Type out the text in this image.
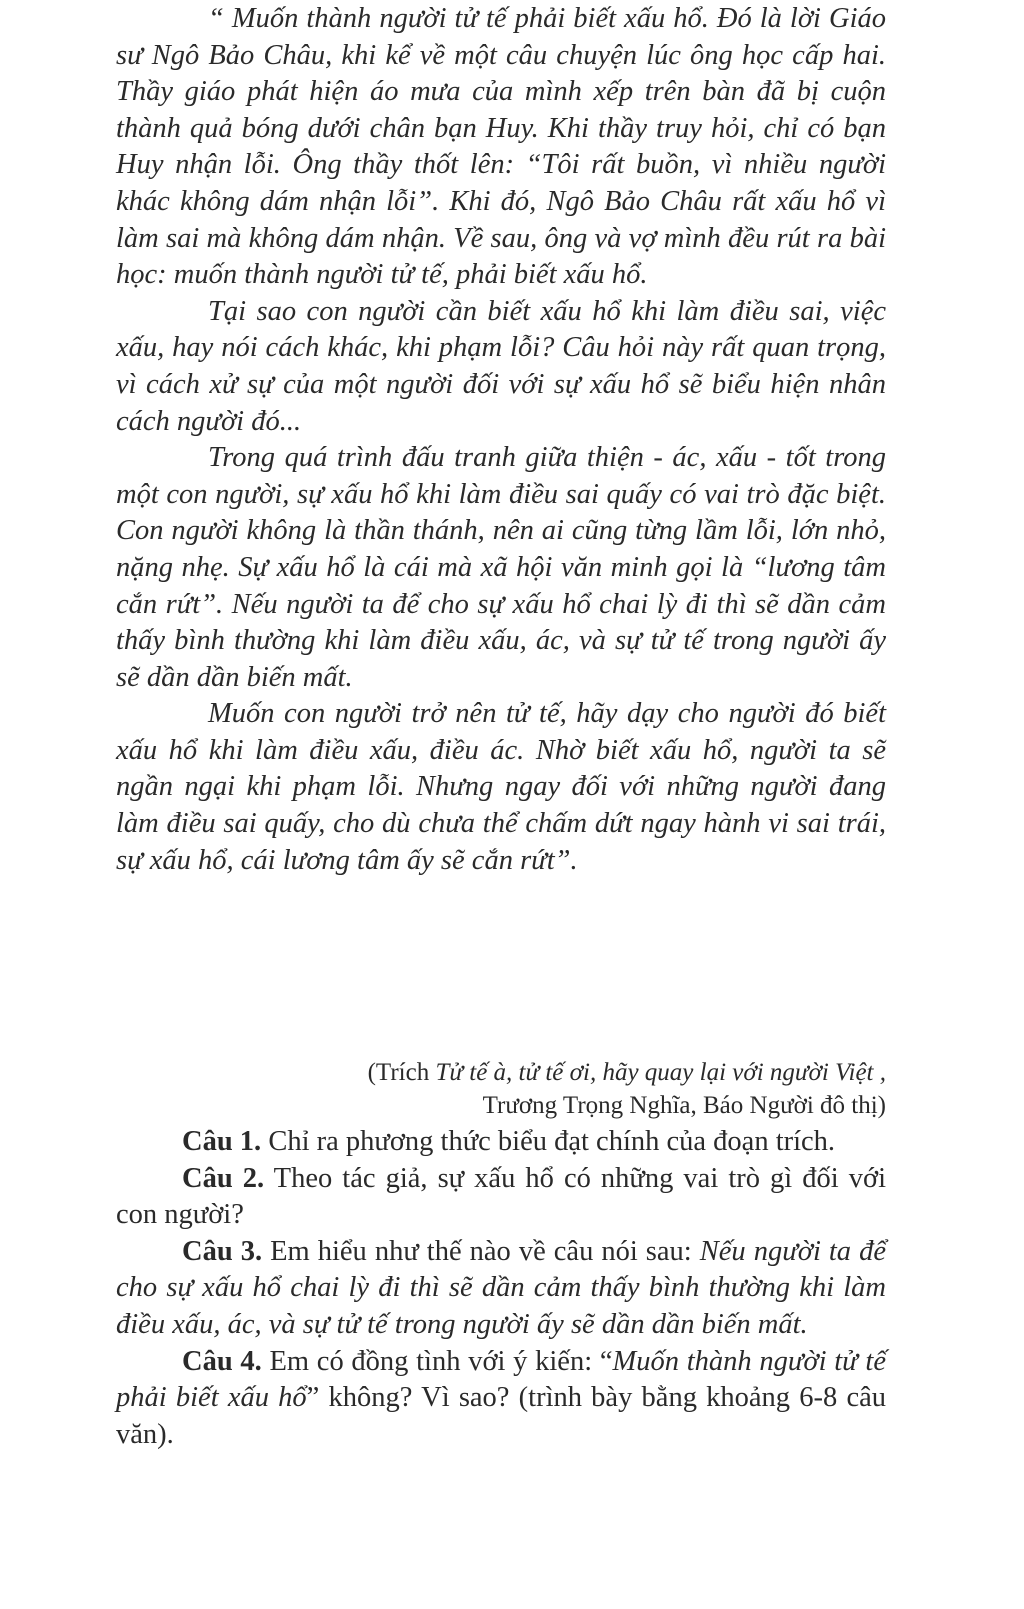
“ Muốn thành người tử tế phải biết xấu hổ. Đó là lời Giáo sư Ngô Bảo Châu, khi kể về một câu chuyện lúc ông học cấp hai. Thầy giáo phát hiện áo mưa của mình xếp trên bàn đã bị cuộn thành quả bóng dưới chân bạn Huy. Khi thầy truy hỏi, chỉ có bạn Huy nhận lỗi. Ông thầy thốt lên: “Tôi rất buồn, vì nhiều người khác không dám nhận lỗi”. Khi đó, Ngô Bảo Châu rất xấu hổ vì làm sai mà không dám nhận. Về sau, ông và vợ mình đều rút ra bài học: muốn thành người tử tế, phải biết xấu hổ.

Tại sao con người cần biết xấu hổ khi làm điều sai, việc xấu, hay nói cách khác, khi phạm lỗi? Câu hỏi này rất quan trọng, vì cách xử sự của một người đối với sự xấu hổ sẽ biểu hiện nhân cách người đó...

Trong quá trình đấu tranh giữa thiện - ác, xấu - tốt trong một con người, sự xấu hổ khi làm điều sai quấy có vai trò đặc biệt. Con người không là thần thánh, nên ai cũng từng lầm lỗi, lớn nhỏ, nặng nhẹ. Sự xấu hổ là cái mà xã hội văn minh gọi là “lương tâm cắn rứt”. Nếu người ta để cho sự xấu hổ chai lỳ đi thì sẽ dần cảm thấy bình thường khi làm điều xấu, ác, và sự tử tế trong người ấy sẽ dần dần biến mất.

Muốn con người trở nên tử tế, hãy dạy cho người đó biết xấu hổ khi làm điều xấu, điều ác. Nhờ biết xấu hổ, người ta sẽ ngần ngại khi phạm lỗi. Nhưng ngay đối với những người đang làm điều sai quấy, cho dù chưa thể chấm dứt ngay hành vi sai trái, sự xấu hổ, cái lương tâm ấy sẽ cắn rứt”.

(Trích Tử tế à, tử tế ơi, hãy quay lại với người Việt ,
Trương Trọng Nghĩa, Báo Người đô thị)

Câu 1. Chỉ ra phương thức biểu đạt chính của đoạn trích.

Câu 2. Theo tác giả, sự xấu hổ có những vai trò gì đối với con người?

Câu 3. Em hiểu như thế nào về câu nói sau: Nếu người ta để cho sự xấu hổ chai lỳ đi thì sẽ dần cảm thấy bình thường khi làm điều xấu, ác, và sự tử tế trong người ấy sẽ dần dần biến mất.

Câu 4. Em có đồng tình với ý kiến: “Muốn thành người tử tế phải biết xấu hổ” không? Vì sao? (trình bày bằng khoảng 6-8 câu văn).
